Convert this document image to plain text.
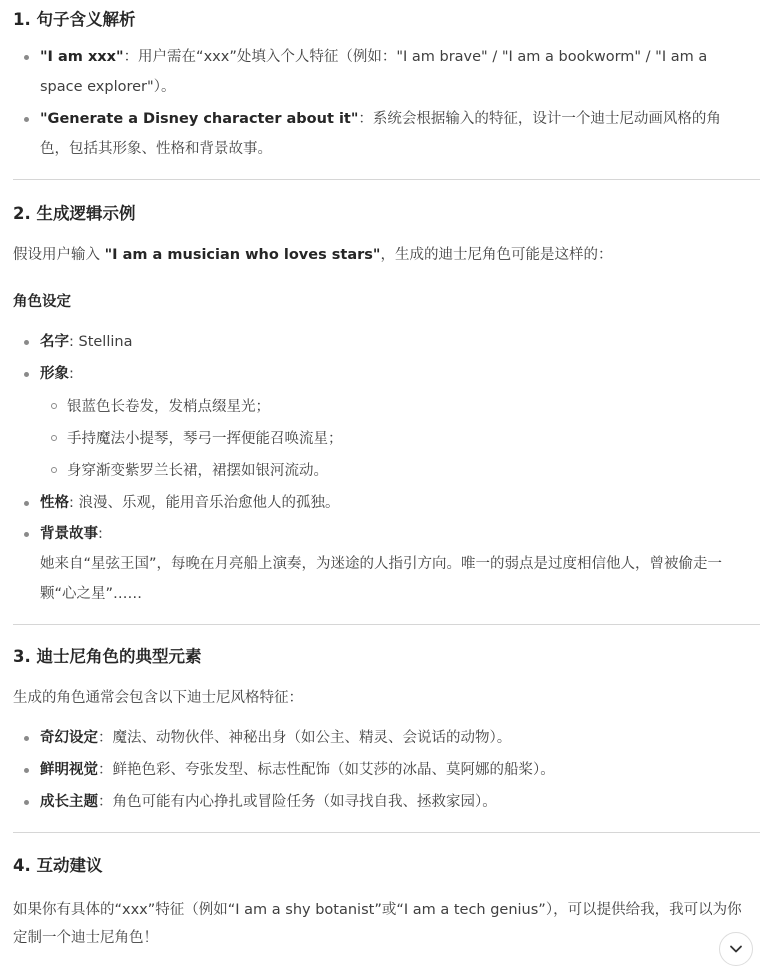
1. 句子含义解析
"I am xxx"：用户需在“xxx”处填入个人特征（例如："I am brave" / "I am a bookworm" / "I am a space explorer"）。
"Generate a Disney character about it"：系统会根据输入的特征，设计一个迪士尼动画风格的角色，包括其形象、性格和背景故事。
2. 生成逻辑示例

假设用户输入 "I am a musician who loves stars"，生成的迪士尼角色可能是这样的：

角色设定

名字: Stellina
形象:
银蓝色长卷发，发梢点缀星光；
手持魔法小提琴，琴弓一挥便能召唤流星；
身穿渐变紫罗兰长裙，裙摆如银河流动。
性格: 浪漫、乐观，能用音乐治愈他人的孤独。
背景故事:
她来自“星弦王国”，每晚在月亮船上演奏，为迷途的人指引方向。唯一的弱点是过度相信他人，曾被偷走一颗“心之星”……
3. 迪士尼角色的典型元素

生成的角色通常会包含以下迪士尼风格特征：

奇幻设定：魔法、动物伙伴、神秘出身（如公主、精灵、会说话的动物）。
鲜明视觉：鲜艳色彩、夸张发型、标志性配饰（如艾莎的冰晶、莫阿娜的船桨）。
成长主题：角色可能有内心挣扎或冒险任务（如寻找自我、拯救家园）。
4. 互动建议

如果你有具体的“xxx”特征（例如“I am a shy botanist”或“I am a tech genius”），可以提供给我，我可以为你定制一个迪士尼角色！
